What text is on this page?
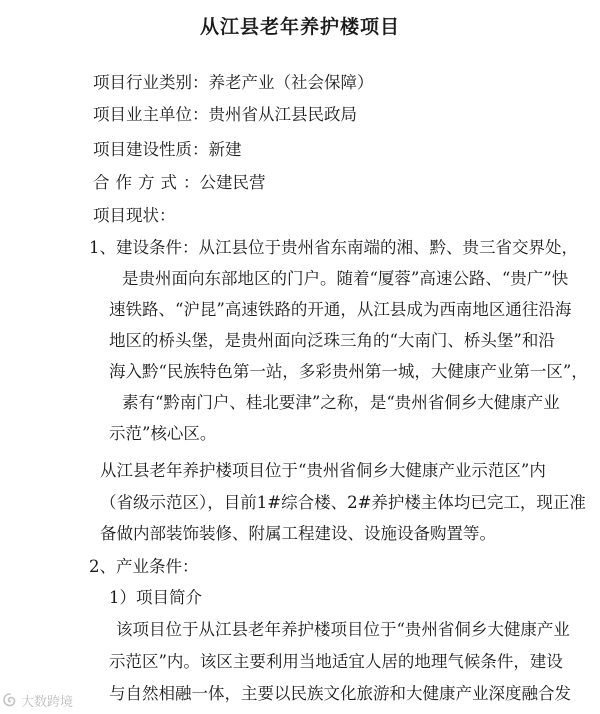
从江县老年养护楼项目
项目行业类别：养老产业（社会保障）
项目业主单位：贵州省从江县民政局
项目建设性质：新建
合作方式：公建民营
项目现状：
1、建设条件：从江县位于贵州省东南端的湘、黔、贵三省交界处，
是贵州面向东部地区的门户。随着“厦蓉”高速公路、“贵广”快
速铁路、“沪昆”高速铁路的开通，从江县成为西南地区通往沿海
地区的桥头堡，是贵州面向泛珠三角的“大南门、桥头堡”和沿
海入黔“民族特色第一站，多彩贵州第一城，大健康产业第一区”，
素有“黔南门户、桂北要津”之称，是“贵州省侗乡大健康产业
示范”核心区。
从江县老年养护楼项目位于“贵州省侗乡大健康产业示范区”内
（省级示范区），目前1#综合楼、2#养护楼主体均已完工，现正准
备做内部装饰装修、附属工程建设、设施设备购置等。
2、产业条件：
1）项目简介
该项目位于从江县老年养护楼项目位于“贵州省侗乡大健康产业
示范区”内。该区主要利用当地适宜人居的地理气候条件，建设
与自然相融一体，主要以民族文化旅游和大健康产业深度融合发
大数跨境
